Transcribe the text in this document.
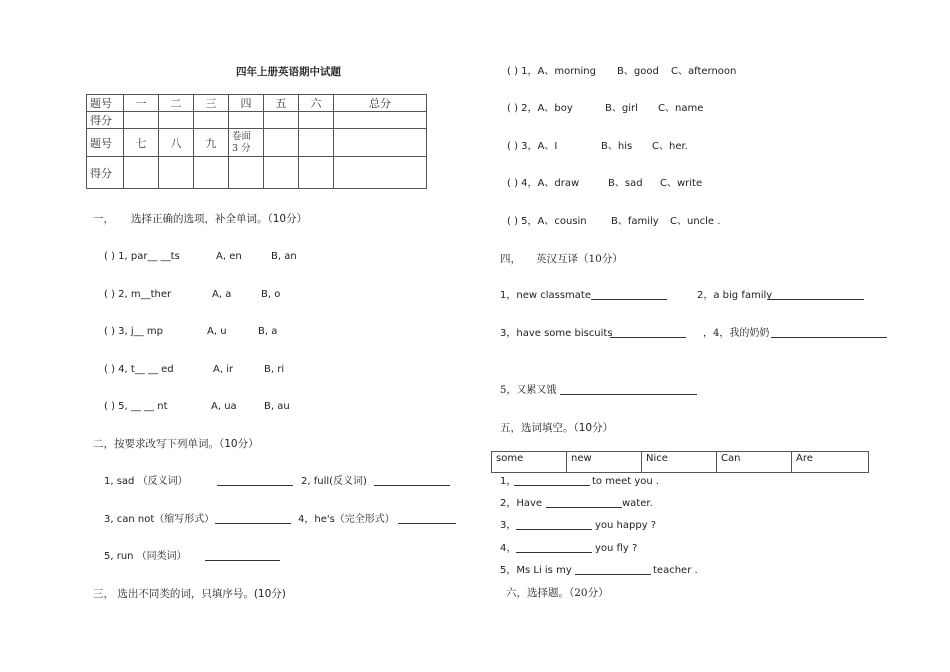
四年上册英语期中试题
题号	一	二	三	四	五	六	总分
得分							
题号	七	八	九	卷面
3 分			
得分							
一， 选择正确的选项，补全单词。（10分）
( ) 1, par__ __ts	A, en	B, an
( ) 2, m__ther	A, a	B, o
( ) 3, j__ mp	A, u	B, a
( ) 4, t__ __ ed	A, ir	B, ri
( ) 5, __ __ nt	A, ua	B, au
二，按要求改写下列单词。（10分）
1, sad （反义词）	2, full(反义词)
3, can not（缩写形式）	4，he's（完全形式）
5, run （同类词）
三， 选出不同类的词，只填序号。(10分)
( ) 1，A、morning B、good C、afternoon
( ) 2，A、boy	B、girl C、name
( ) 3，A、I	B、his C、her.
( ) 4，A、draw	B、sad C、write
( ) 5，A、cousin B、family C、uncle .
四， 英汉互译（10分）
1，new classmate	2，a big family
3，have some biscuits	，4，我的奶奶
5，又累又饿
五，选词填空。（10分）
some	new	Nice	Can	Are
1，	to meet you .
2，Have	water.
3，	you happy ?
4，	you fly ?
5，Ms Li is my	teacher .
六，选择题。（20分）
